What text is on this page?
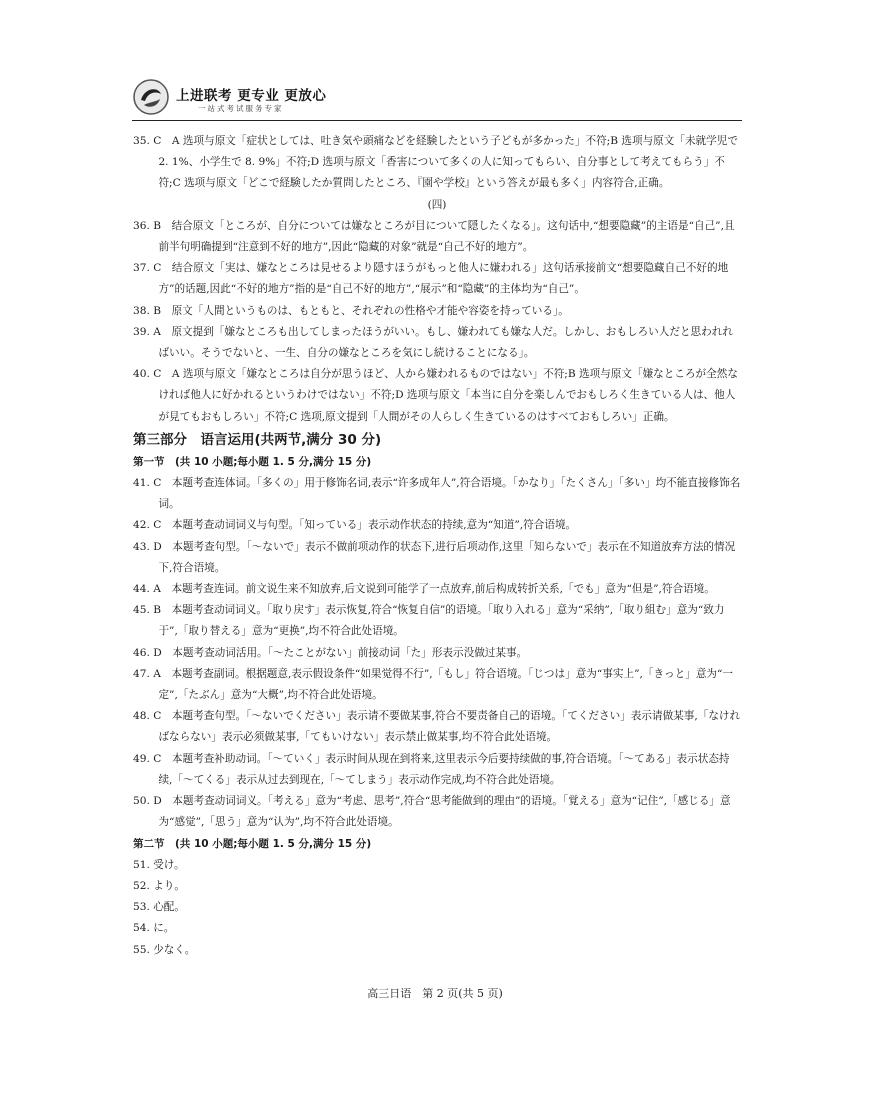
上进联考 更专业 更放心
一站式考试服务专家

35. C　A 选项与原文「症状としては、吐き気や頭痛などを経験したという子どもが多かった」不符;B 选项与原文「未就学児で 2. 1%、小学生で 8. 9%」不符;D 选项与原文「香害について多くの人に知ってもらい、自分事として考えてもらう」不符;C 选项与原文「どこで経験したか質問したところ、『園や学校』という答えが最も多く」内容符合,正确。

(四)

36. B　结合原文「ところが、自分については嫌なところが目について隠したくなる」。这句话中,“想要隐藏”的主语是“自己”,且前半句明确提到“注意到不好的地方”,因此“隐藏的对象”就是“自己不好的地方”。

37. C　结合原文「実は、嫌なところは見せるより隠すほうがもっと他人に嫌われる」这句话承接前文“想要隐藏自己不好的地方”的话题,因此“不好的地方”指的是“自己不好的地方”,“展示”和“隐藏”的主体均为“自己”。

38. B　原文「人間というものは、もともと、それぞれの性格や才能や容姿を持っている」。

39. A　原文提到「嫌なところも出してしまったほうがいい。もし、嫌われても嫌な人だ。しかし、おもしろい人だと思われればいい。そうでないと、一生、自分の嫌なところを気にし続けることになる」。

40. C　A 选项与原文「嫌なところは自分が思うほど、人から嫌われるものではない」不符;B 选项与原文「嫌なところが全然なければ他人に好かれるというわけではない」不符;D 选项与原文「本当に自分を楽しんでおもしろく生きている人は、他人が見てもおもしろい」不符;C 选项,原文提到「人間がその人らしく生きているのはすべておもしろい」正确。

第三部分　语言运用(共两节,满分 30 分)

第一节　(共 10 小题;每小题 1. 5 分,满分 15 分)

41. C　本题考查连体词。「多くの」用于修饰名词,表示“许多成年人”,符合语境。「かなり」「たくさん」「多い」均不能直接修饰名词。

42. C　本题考查动词词义与句型。「知っている」表示动作状态的持续,意为“知道”,符合语境。

43. D　本题考查句型。「～ないで」表示不做前项动作的状态下,进行后项动作,这里「知らないで」表示在不知道放弃方法的情况下,符合语境。

44. A　本题考查连词。前文说生来不知放弃,后文说到可能学了一点放弃,前后构成转折关系,「でも」意为“但是”,符合语境。

45. B　本题考查动词词义。「取り戻す」表示恢复,符合“恢复自信”的语境。「取り入れる」意为“采纳”,「取り組む」意为“致力于”,「取り替える」意为“更换”,均不符合此处语境。

46. D　本题考查动词活用。「～たことがない」前接动词「た」形表示没做过某事。

47. A　本题考查副词。根据题意,表示假设条件“如果觉得不行”,「もし」符合语境。「じつは」意为“事实上”,「きっと」意为“一定”,「たぶん」意为“大概”,均不符合此处语境。

48. C　本题考查句型。「～ないでください」表示请不要做某事,符合不要责备自己的语境。「てください」表示请做某事,「なければならない」表示必须做某事,「てもいけない」表示禁止做某事,均不符合此处语境。

49. C　本题考查补助动词。「～ていく」表示时间从现在到将来,这里表示今后要持续做的事,符合语境。「～てある」表示状态持续,「～てくる」表示从过去到现在,「～てしまう」表示动作完成,均不符合此处语境。

50. D　本题考查动词词义。「考える」意为“考虑、思考”,符合“思考能做到的理由”的语境。「覚える」意为“记住”,「感じる」意为“感觉”,「思う」意为“认为”,均不符合此处语境。

第二节　(共 10 小题;每小题 1. 5 分,满分 15 分)

51. 受け。

52. より。

53. 心配。

54. に。

55. 少なく。

高三日语　第 2 页(共 5 页)
